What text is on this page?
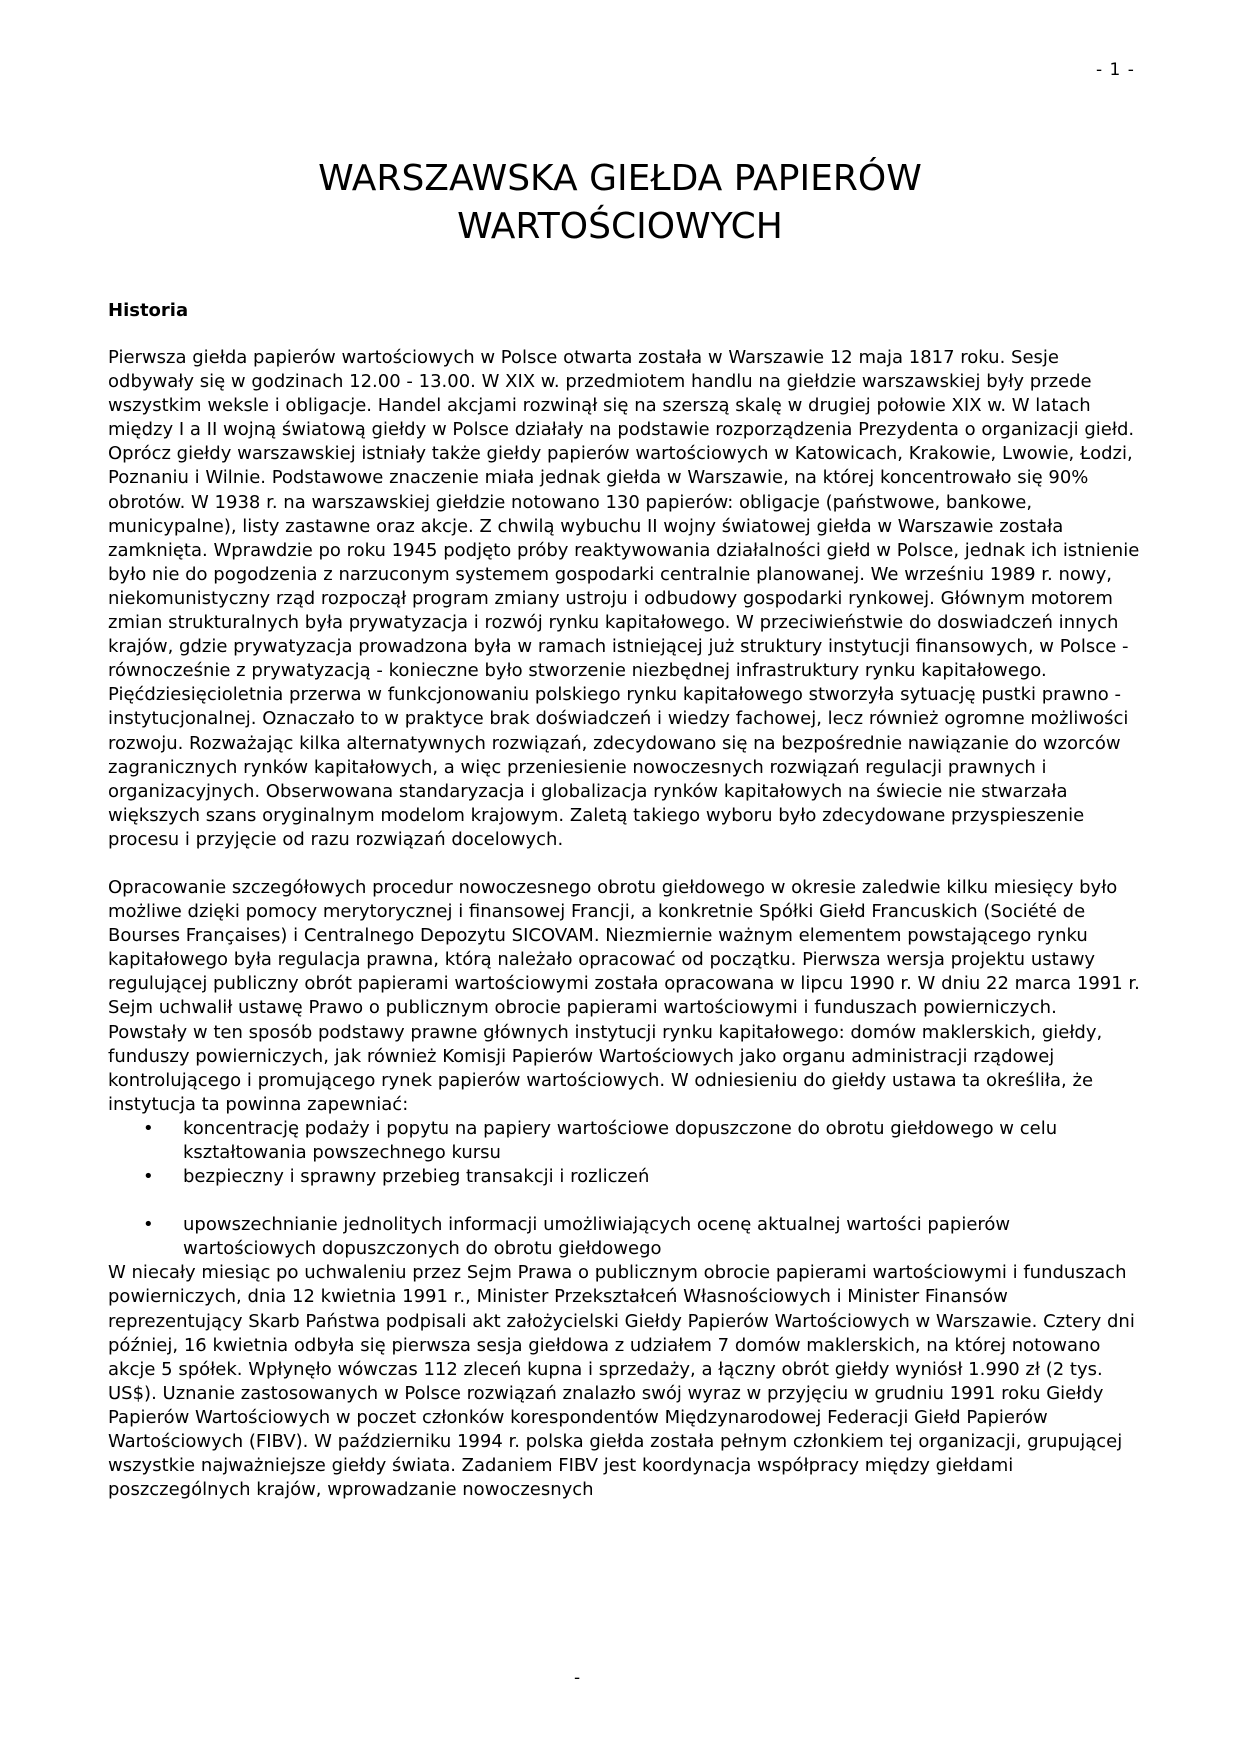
- 1 -
WARSZAWSKA GIEŁDA PAPIERÓW
WARTOŚCIOWYCH
Historia

Pierwsza giełda papierów wartościowych w Polsce otwarta została w Warszawie 12 maja 1817 roku. Sesje odbywały się w godzinach 12.00 - 13.00. W XIX w. przedmiotem handlu na giełdzie warszawskiej były przede wszystkim weksle i obligacje. Handel akcjami rozwinął się na szerszą skalę w drugiej połowie XIX w. W latach między I a II wojną światową giełdy w Polsce działały na podstawie rozporządzenia Prezydenta o organizacji giełd. Oprócz giełdy warszawskiej istniały także giełdy papierów wartościowych w Katowicach, Krakowie, Lwowie, Łodzi, Poznaniu i Wilnie. Podstawowe znaczenie miała jednak giełda w Warszawie, na której koncentrowało się 90% obrotów. W 1938 r. na warszawskiej giełdzie notowano 130 papierów: obligacje (państwowe, bankowe, municypalne), listy zastawne oraz akcje. Z chwilą wybuchu II wojny światowej giełda w Warszawie została zamknięta. Wprawdzie po roku 1945 podjęto próby reaktywowania działalności giełd w Polsce, jednak ich istnienie było nie do pogodzenia z narzuconym systemem gospodarki centralnie planowanej. We wrześniu 1989 r. nowy, niekomunistyczny rząd rozpoczął program zmiany ustroju i odbudowy gospodarki rynkowej. Głównym motorem zmian strukturalnych była prywatyzacja i rozwój rynku kapitałowego. W przeciwieństwie do doswiadczeń innych krajów, gdzie prywatyzacja prowadzona była w ramach istniejącej już struktury instytucji finansowych, w Polsce - równocześnie z prywatyzacją - konieczne było stworzenie niezbędnej infrastruktury rynku kapitałowego. Pięćdziesięcioletnia przerwa w funkcjonowaniu polskiego rynku kapitałowego stworzyła sytuację pustki prawno - instytucjonalnej. Oznaczało to w praktyce brak doświadczeń i wiedzy fachowej, lecz również ogromne możliwości rozwoju. Rozważając kilka alternatywnych rozwiązań, zdecydowano się na bezpośrednie nawiązanie do wzorców zagranicznych rynków kapitałowych, a więc przeniesienie nowoczesnych rozwiązań regulacji prawnych i organizacyjnych. Obserwowana standaryzacja i globalizacja rynków kapitałowych na świecie nie stwarzała większych szans oryginalnym modelom krajowym. Zaletą takiego wyboru było zdecydowane przyspieszenie procesu i przyjęcie od razu rozwiązań docelowych.

Opracowanie szczegółowych procedur nowoczesnego obrotu giełdowego w okresie zaledwie kilku miesięcy było możliwe dzięki pomocy merytorycznej i finansowej Francji, a konkretnie Spółki Giełd Francuskich (Société de Bourses Françaises) i Centralnego Depozytu SICOVAM. Niezmiernie ważnym elementem powstającego rynku kapitałowego była regulacja prawna, którą należało opracować od początku. Pierwsza wersja projektu ustawy regulującej publiczny obrót papierami wartościowymi została opracowana w lipcu 1990 r. W dniu 22 marca 1991 r. Sejm uchwalił ustawę Prawo o publicznym obrocie papierami wartościowymi i funduszach powierniczych. Powstały w ten sposób podstawy prawne głównych instytucji rynku kapitałowego: domów maklerskich, giełdy, funduszy powierniczych, jak również Komisji Papierów Wartościowych jako organu administracji rządowej kontrolującego i promującego rynek papierów wartościowych. W odniesieniu do giełdy ustawa ta określiła, że instytucja ta powinna zapewniać:

• koncentrację podaży i popytu na papiery wartościowe dopuszczone do obrotu giełdowego w celu kształtowania powszechnego kursu
• bezpieczny i sprawny przebieg transakcji i rozliczeń
• upowszechnianie jednolitych informacji umożliwiających ocenę aktualnej wartości papierów wartościowych dopuszczonych do obrotu giełdowego

W niecały miesiąc po uchwaleniu przez Sejm Prawa o publicznym obrocie papierami wartościowymi i funduszach powierniczych, dnia 12 kwietnia 1991 r., Minister Przekształceń Własnościowych i Minister Finansów reprezentujący Skarb Państwa podpisali akt założycielski Giełdy Papierów Wartościowych w Warszawie. Cztery dni później, 16 kwietnia odbyła się pierwsza sesja giełdowa z udziałem 7 domów maklerskich, na której notowano akcje 5 spółek. Wpłynęło wówczas 112 zleceń kupna i sprzedaży, a łączny obrót giełdy wyniósł 1.990 zł (2 tys. US$). Uznanie zastosowanych w Polsce rozwiązań znalazło swój wyraz w przyjęciu w grudniu 1991 roku Giełdy Papierów Wartościowych w poczet członków korespondentów Międzynarodowej Federacji Giełd Papierów Wartościowych (FIBV). W październiku 1994 r. polska giełda została pełnym członkiem tej organizacji, grupującej wszystkie najważniejsze giełdy świata. Zadaniem FIBV jest koordynacja współpracy między giełdami poszczególnych krajów, wprowadzanie nowoczesnych

-
